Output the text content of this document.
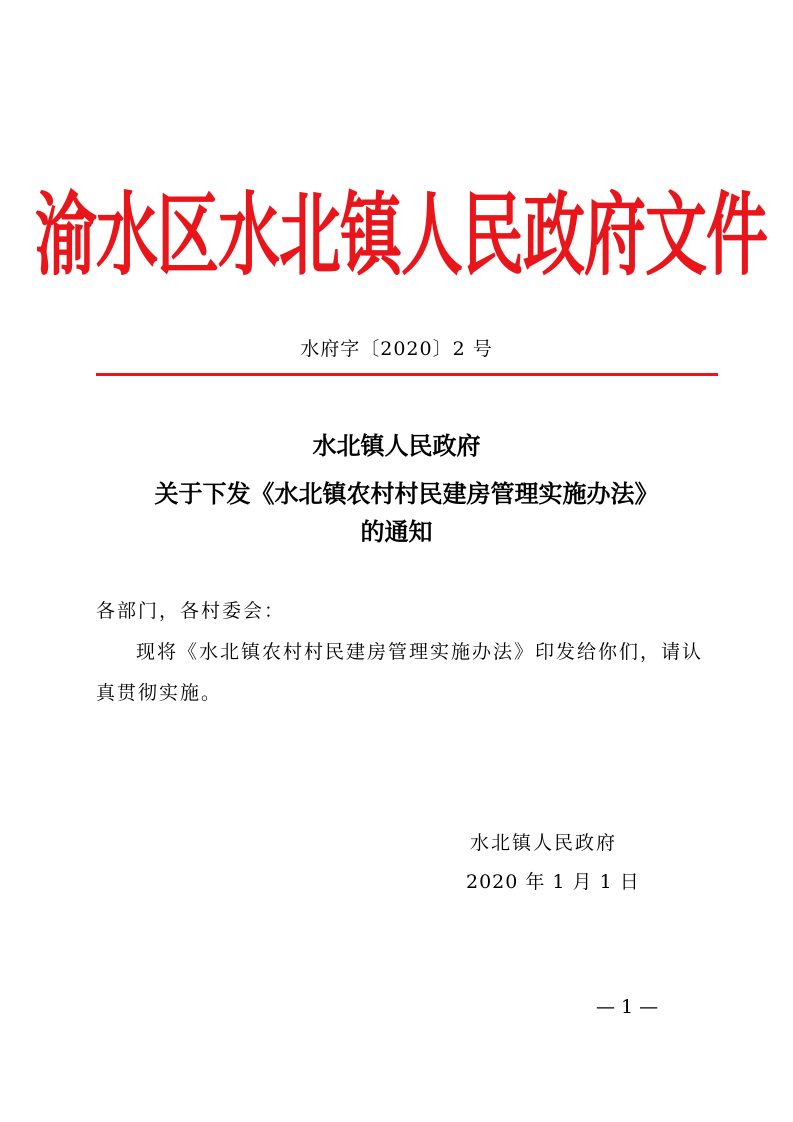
渝水区水北镇人民政府文件
水府字〔2020〕2 号
水北镇人民政府
关于下发《水北镇农村村民建房管理实施办法》
的通知
各部门，各村委会：
现将《水北镇农村村民建房管理实施办法》印发给你们，请认
真贯彻实施。
水北镇人民政府
2020 年 1 月 1 日
— 1 —
